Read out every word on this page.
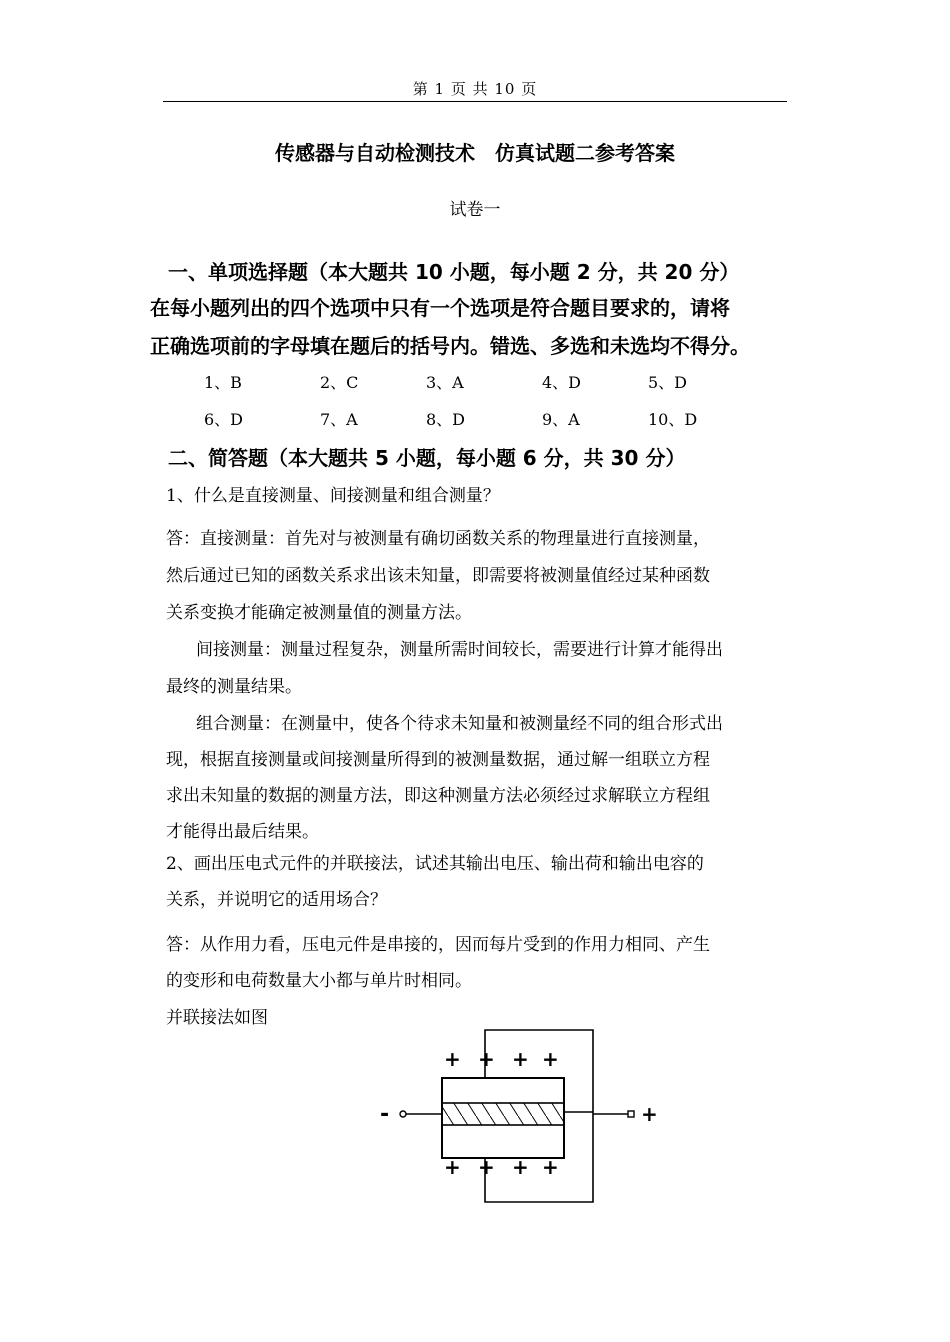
第 1 页 共 10 页
传感器与自动检测技术　仿真试题二参考答案
试卷一
一、单项选择题（本大题共 10 小题，每小题 2 分，共 20 分）
在每小题列出的四个选项中只有一个选项是符合题目要求的，请将
正确选项前的字母填在题后的括号内。错选、多选和未选均不得分。
1、B	2、C	3、A	4、D	5、D
6、D	7、A	8、D	9、A	10、D
二、简答题（本大题共 5 小题，每小题 6 分，共 30 分）
1、什么是直接测量、间接测量和组合测量？
答：直接测量：首先对与被测量有确切函数关系的物理量进行直接测量，
然后通过已知的函数关系求出该未知量，即需要将被测量值经过某种函数
关系变换才能确定被测量值的测量方法。
间接测量：测量过程复杂，测量所需时间较长，需要进行计算才能得出
最终的测量结果。
组合测量：在测量中，使各个待求未知量和被测量经不同的组合形式出
现，根据直接测量或间接测量所得到的被测量数据，通过解一组联立方程
求出未知量的数据的测量方法，即这种测量方法必须经过求解联立方程组
才能得出最后结果。
2、画出压电式元件的并联接法，试述其输出电压、输出荷和输出电容的
关系，并说明它的适用场合？
答：从作用力看，压电元件是串接的，因而每片受到的作用力相同、产生
的变形和电荷数量大小都与单片时相同。
并联接法如图
-	+
+ + + +
+ + + +
